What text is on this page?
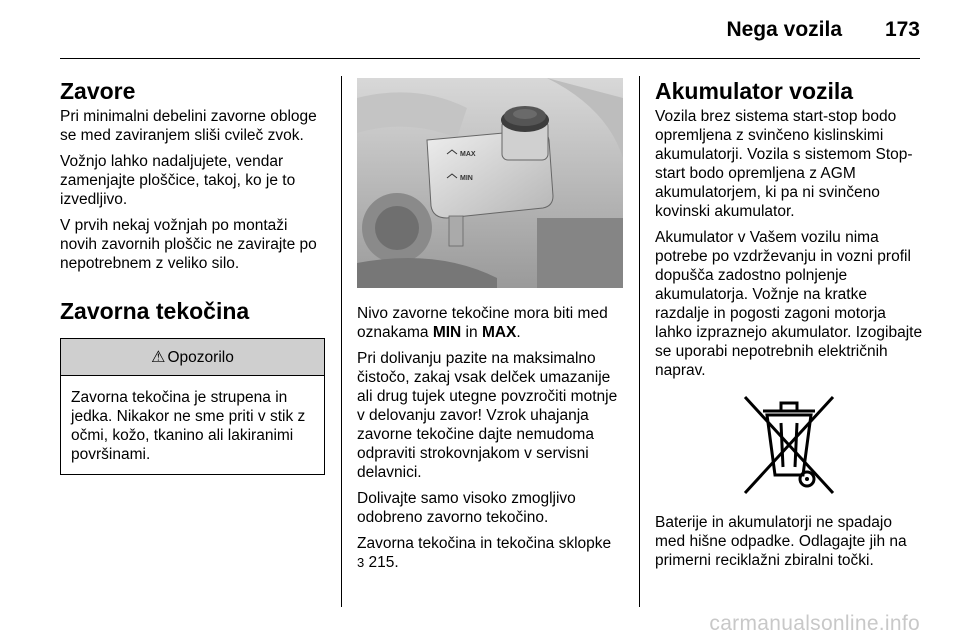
Nega vozila 173
Zavore

Pri minimalni debelini zavorne obloge se med zaviranjem sliši cvileč zvok.

Vožnjo lahko nadaljujete, vendar zamenjajte ploščice, takoj, ko je to izvedljivo.

V prvih nekaj vožnjah po montaži novih zavornih ploščic ne zavirajte po nepotrebnem z veliko silo.

Zavorna tekočina
⚠ Opozorilo
Zavorna tekočina je strupena in jedka. Nikakor ne sme priti v stik z očmi, kožo, tkanino ali lakiranimi površinami.
MAX
MIN

Nivo zavorne tekočine mora biti med oznakama MIN in MAX.

Pri dolivanju pazite na maksimalno čistočo, zakaj vsak delček umazanije ali drug tujek utegne povzročiti motnje v delovanju zavor! Vzrok uhajanja zavorne tekočine dajte nemudoma odpraviti strokovnjakom v servisni delavnici.

Dolivajte samo visoko zmogljivo odobreno zavorno tekočino.

Zavorna tekočina in tekočina sklopke
3 215.

Akumulator vozila

Vozila brez sistema start-stop bodo opremljena z svinčeno kislinskimi akumulatorji. Vozila s sistemom Stop-start bodo opremljena z AGM akumulatorjem, ki pa ni svinčeno kovinski akumulator.

Akumulator v Vašem vozilu nima potrebe po vzdrževanju in vozni profil dopušča zadostno polnjenje akumulatorja. Vožnje na kratke razdalje in pogosti zagoni motorja lahko izpraznejo akumulator. Izogibajte se uporabi nepotrebnih električnih naprav.

Baterije in akumulatorji ne spadajo med hišne odpadke. Odlagajte jih na primerni reciklažni zbiralni točki.

carmanualsonline.info
